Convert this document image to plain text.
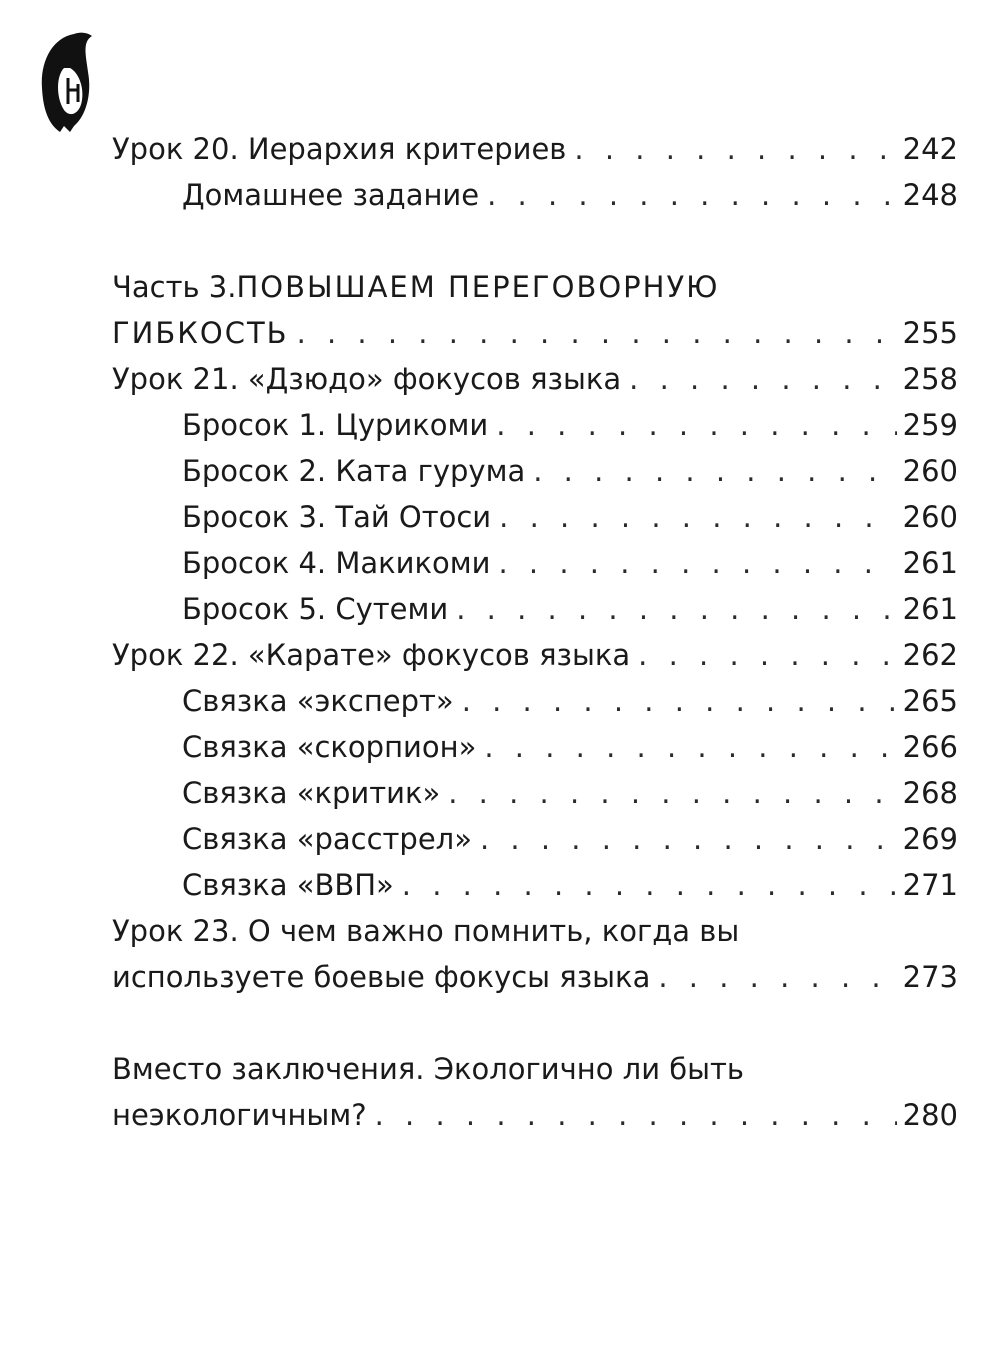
Урок 20. Иерархия критериев . . .	242
Домашнее задание . . .	248
Часть 3. ПОВЫШАЕМ ПЕРЕГОВОРНУЮ
ГИБКОСТЬ . . .	255
Урок 21. «Дзюдо» фокусов языка . . .	258
Бросок 1. Цурикоми . . .	259
Бросок 2. Ката гурума . . .	260
Бросок 3. Тай Отоси . . .	260
Бросок 4. Макикоми . . .	261
Бросок 5. Сутеми . . .	261
Урок 22. «Карате» фокусов языка . . .	262
Связка «эксперт» . . .	265
Связка «скорпион» . . .	266
Связка «критик» . . .	268
Связка «расстрел» . . .	269
Связка «ВВП» . . .	271
Урок 23. О чем важно помнить, когда вы
используете боевые фокусы языка . . .	273
Вместо заключения. Экологично ли быть
неэкологичным? . . .	280
